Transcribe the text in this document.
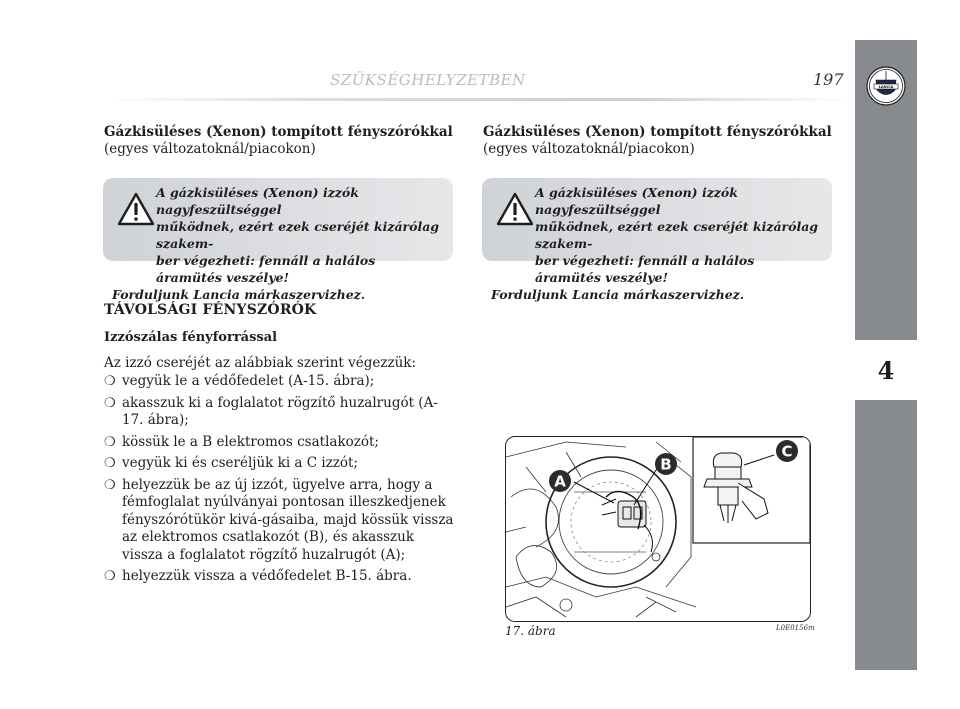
SZÜKSÉGHELYZETBEN	197
4
LANCIA
Gázkisüléses (Xenon) tompított fényszórókkal
(egyes változatoknál/piacokon)
Gázkisüléses (Xenon) tompított fényszórókkal
(egyes változatoknál/piacokon)
A gázkisüléses (Xenon) izzók nagyfeszültséggel
működnek, ezért ezek cseréjét kizárólag szakem-
ber végezheti: fennáll a halálos áramütés veszélye!
Forduljunk Lancia márkaszervizhez.
A gázkisüléses (Xenon) izzók nagyfeszültséggel
működnek, ezért ezek cseréjét kizárólag szakem-
ber végezheti: fennáll a halálos áramütés veszélye!
Forduljunk Lancia márkaszervizhez.
TÁVOLSÁGI FÉNYSZÓRÓK
Izzószálas fényforrással
Az izzó cseréjét az alábbiak szerint végezzük:
❍ vegyük le a védőfedelet (A-15. ábra);
❍ akasszuk ki a foglalatot rögzítő huzalrugót (A-17. ábra);
❍ kössük le a B elektromos csatlakozót;
❍ vegyük ki és cseréljük ki a C izzót;
❍ helyezzük be az új izzót, ügyelve arra, hogy a fémfoglalat nyúlványai pontosan illeszkedjenek fényszórótükör kivá-gásaiba, majd kössük vissza az elektromos csatlakozót (B), és akasszuk vissza a foglalatot rögzítő huzalrugót (A);
❍ helyezzük vissza a védőfedelet B-15. ábra.
A
B
C
17. ábra	L0E0156m
